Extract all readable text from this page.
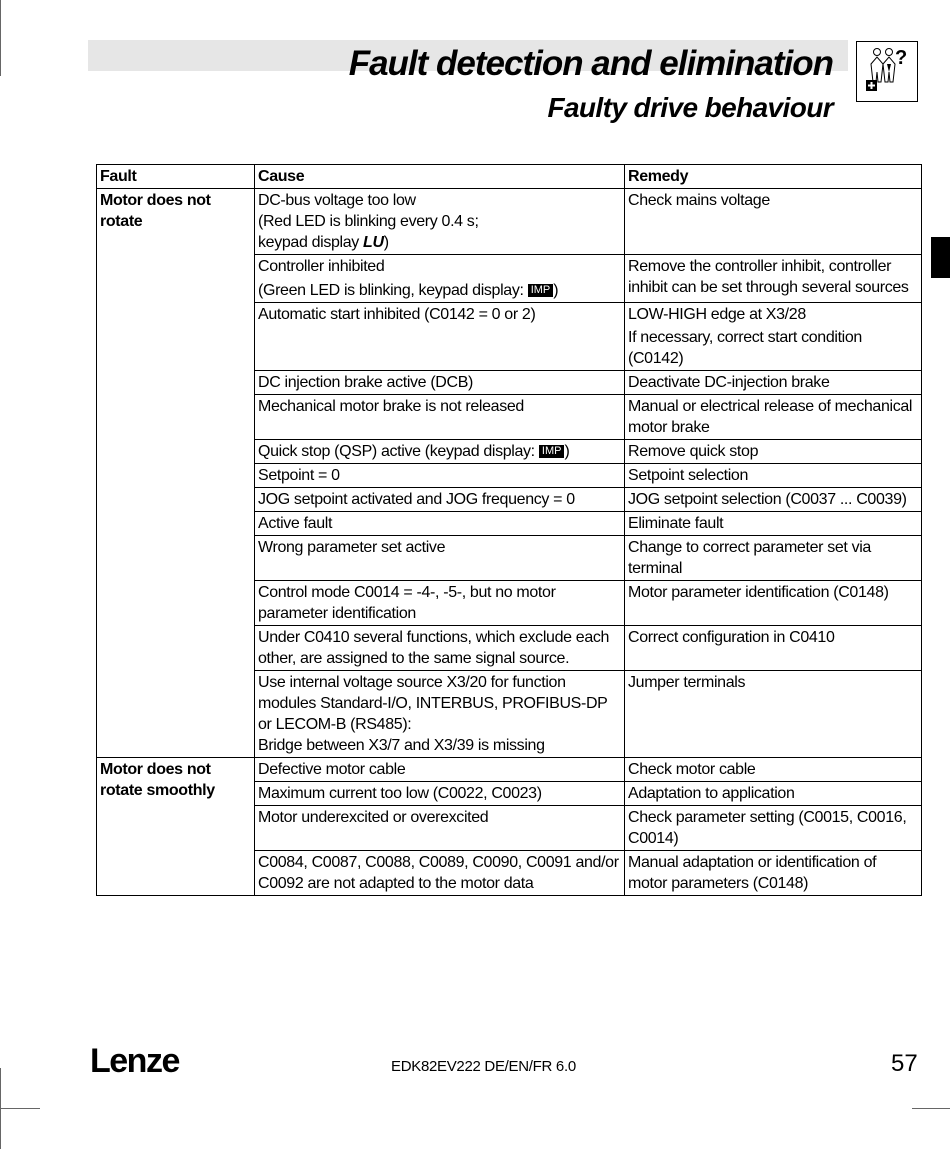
Fault detection and elimination
Faulty drive behaviour
?
Fault	Cause	Remedy
Motor does not rotate	DC-bus voltage too low
(Red LED is blinking every 0.4 s;
keypad display LU)	Check mains voltage

	Controller inhibited
(Green LED is blinking, keypad display: IMP )	Remove the controller inhibit, controller inhibit can be set through several sources
	Automatic start inhibited (C0142 = 0 or 2)	LOW-HIGH edge at X3/28
If necessary, correct start condition (C0142)

	DC injection brake active (DCB)	Deactivate DC-injection brake
	Mechanical motor brake is not released	Manual or electrical release of mechanical motor brake
	Quick stop (QSP) active (keypad display: IMP )	Remove quick stop
	Setpoint = 0	Setpoint selection
	JOG setpoint activated and JOG frequency = 0	JOG setpoint selection (C0037 ... C0039)
	Active fault	Eliminate fault
	Wrong parameter set active	Change to correct parameter set via terminal
	Control mode C0014 = -4-, -5-, but no motor parameter identification	Motor parameter identification (C0148)
	Under C0410 several functions, which exclude each other, are assigned to the same signal source.	Correct configuration in C0410

	Use internal voltage source X3/20 for function modules Standard-I/O, INTERBUS, PROFIBUS-DP or LECOM-B (RS485):
Bridge between X3/7 and X3/39 is missing	Jumper terminals
Motor does not rotate smoothly	Defective motor cable	Check motor cable
	Maximum current too low (C0022, C0023)	Adaptation to application
	Motor underexcited or overexcited	Check parameter setting (C0015, C0016, C0014)
	C0084, C0087, C0088, C0089, C0090, C0091 and/or C0092 are not adapted to the motor data	Manual adaptation or identification of motor parameters (C0148)
Lenze	EDK82EV222 DE/EN/FR 6.0	57
